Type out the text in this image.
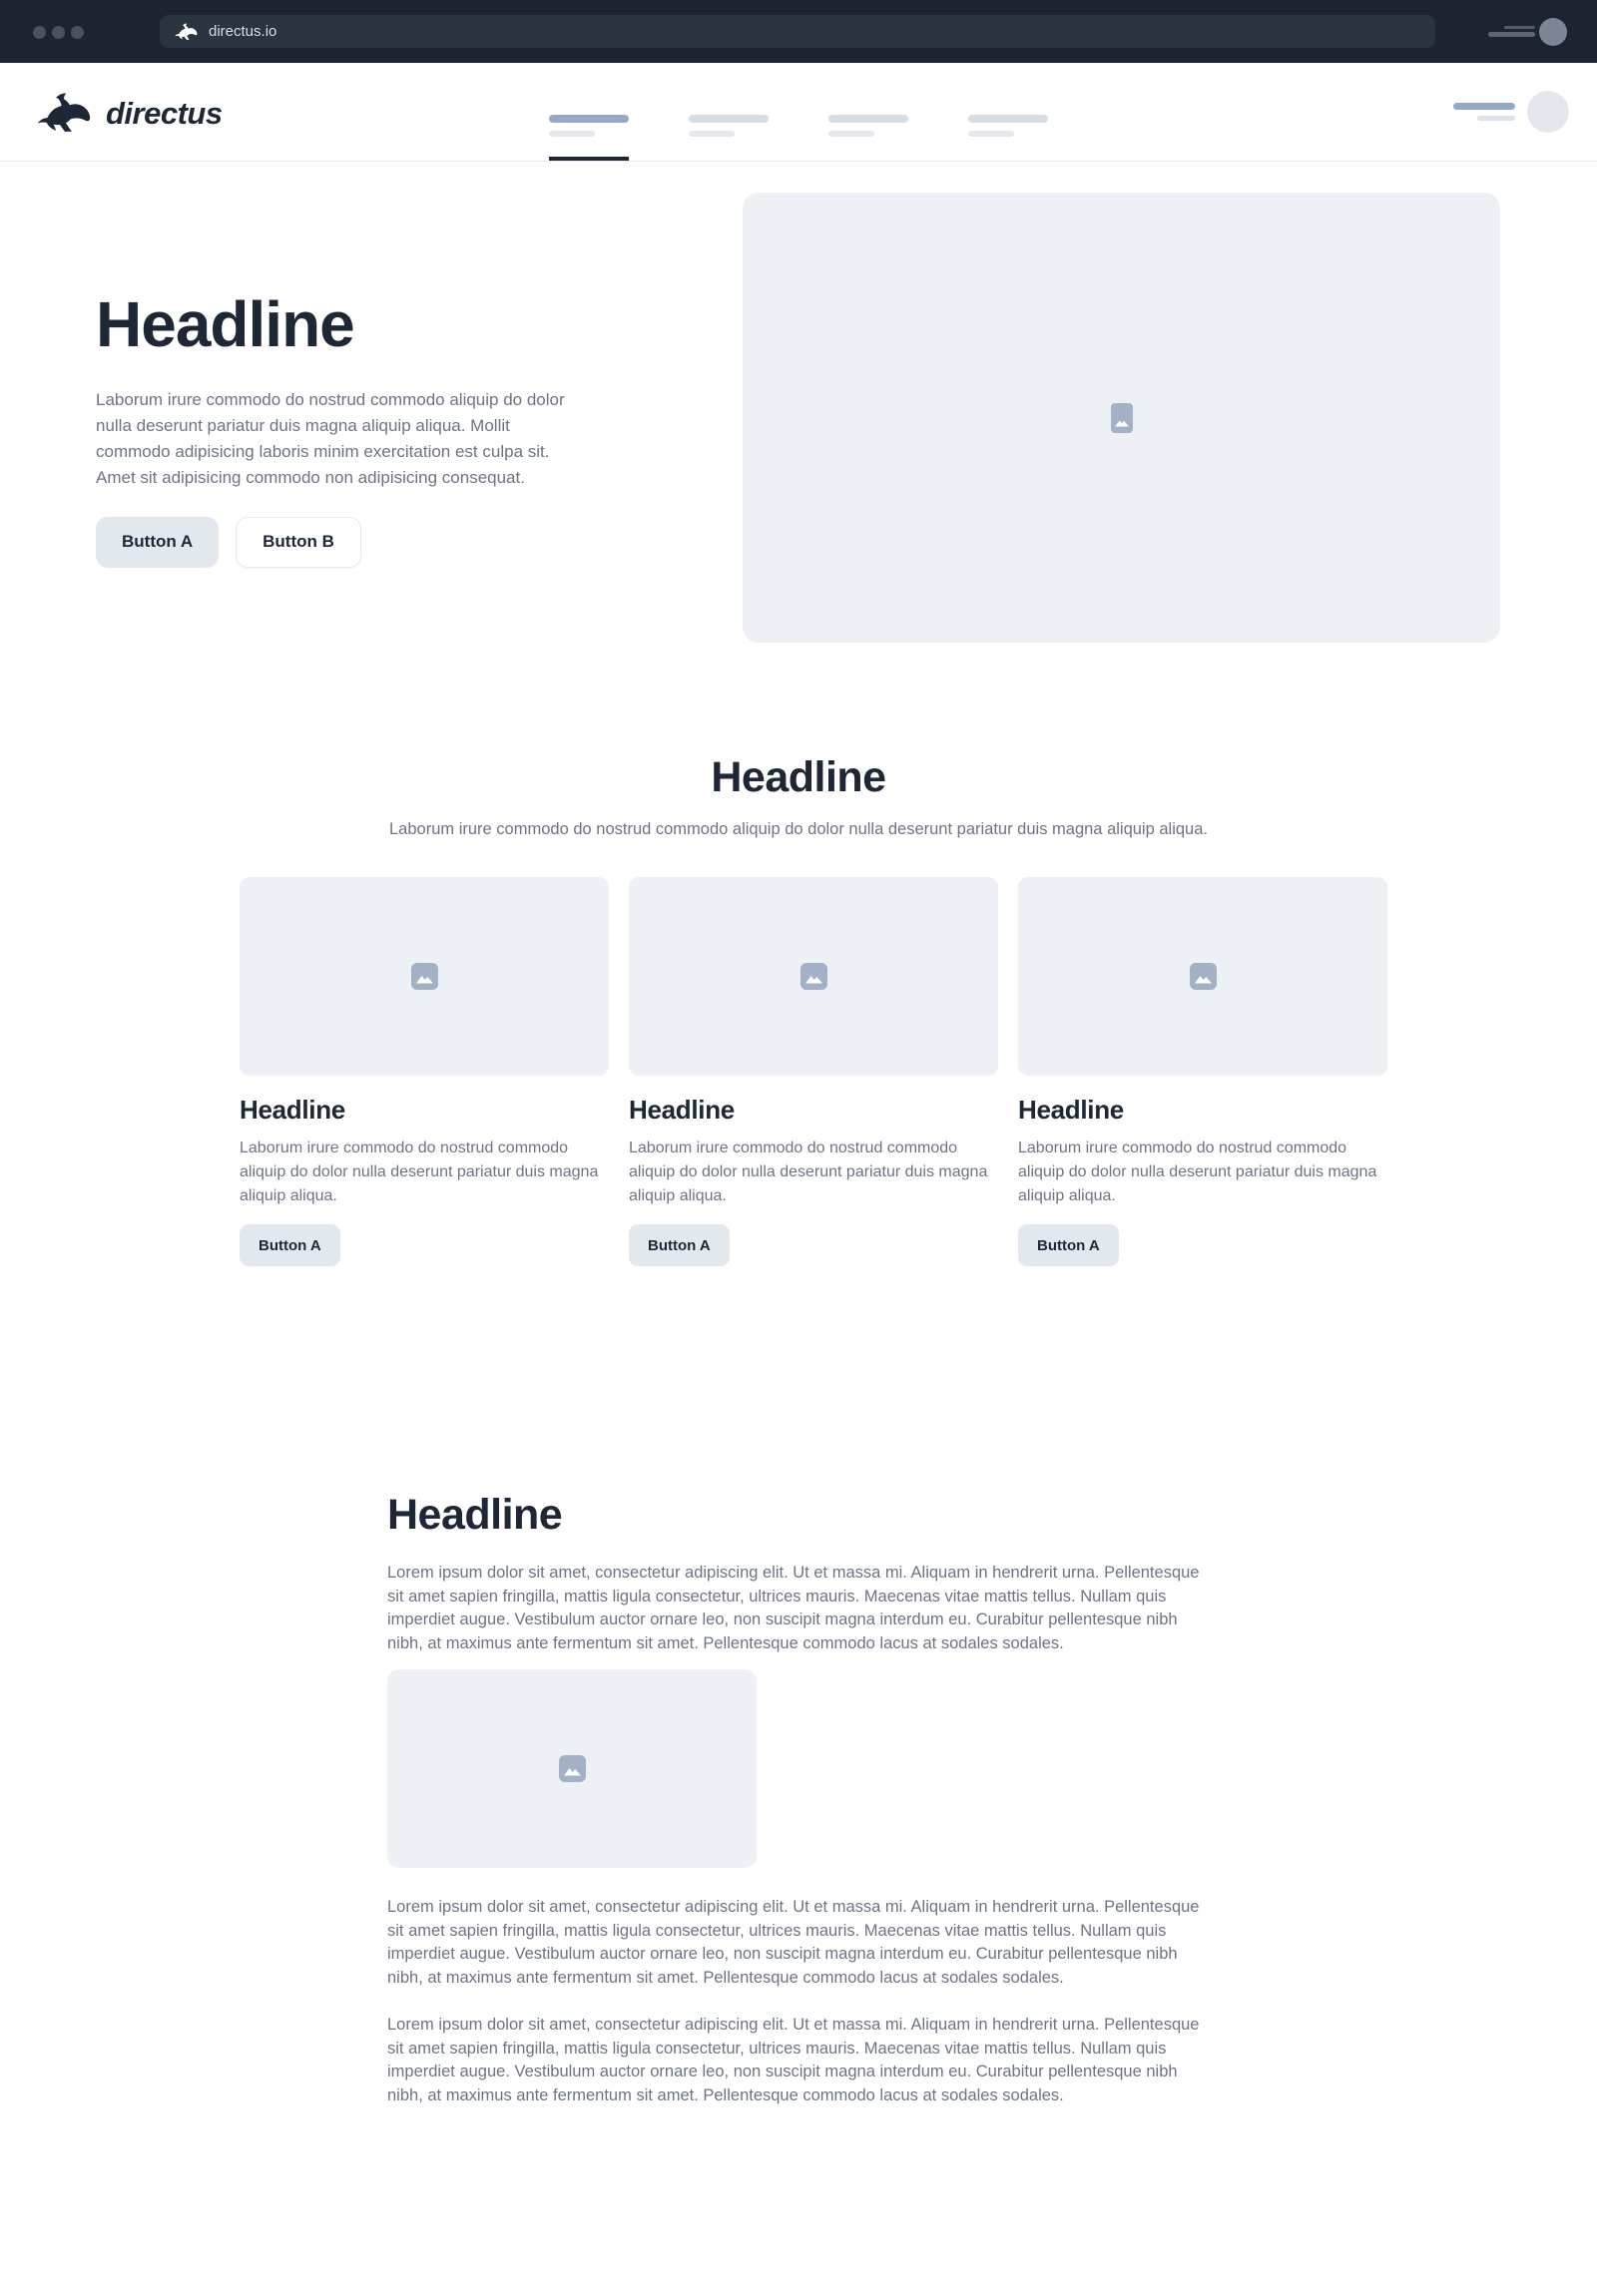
directus.io
directus
Headline

Laborum irure commodo do nostrud commodo aliquip do dolor nulla deserunt pariatur duis magna aliquip aliqua. Mollit commodo adipisicing laboris minim exercitation est culpa sit. Amet sit adipisicing commodo non adipisicing consequat.

Button A	Button B
Headline

Laborum irure commodo do nostrud commodo aliquip do dolor nulla deserunt pariatur duis magna aliquip aliqua.

Headline

Laborum irure commodo do nostrud commodo aliquip do dolor nulla deserunt pariatur duis magna aliquip aliqua.

Button A
Headline

Laborum irure commodo do nostrud commodo aliquip do dolor nulla deserunt pariatur duis magna aliquip aliqua.

Button A
Headline

Laborum irure commodo do nostrud commodo aliquip do dolor nulla deserunt pariatur duis magna aliquip aliqua.

Button A
Headline

Lorem ipsum dolor sit amet, consectetur adipiscing elit. Ut et massa mi. Aliquam in hendrerit urna. Pellentesque sit amet sapien fringilla, mattis ligula consectetur, ultrices mauris. Maecenas vitae mattis tellus. Nullam quis imperdiet augue. Vestibulum auctor ornare leo, non suscipit magna interdum eu. Curabitur pellentesque nibh nibh, at maximus ante fermentum sit amet. Pellentesque commodo lacus at sodales sodales.

Lorem ipsum dolor sit amet, consectetur adipiscing elit. Ut et massa mi. Aliquam in hendrerit urna. Pellentesque sit amet sapien fringilla, mattis ligula consectetur, ultrices mauris. Maecenas vitae mattis tellus. Nullam quis imperdiet augue. Vestibulum auctor ornare leo, non suscipit magna interdum eu. Curabitur pellentesque nibh nibh, at maximus ante fermentum sit amet. Pellentesque commodo lacus at sodales sodales.

Lorem ipsum dolor sit amet, consectetur adipiscing elit. Ut et massa mi. Aliquam in hendrerit urna. Pellentesque sit amet sapien fringilla, mattis ligula consectetur, ultrices mauris. Maecenas vitae mattis tellus. Nullam quis imperdiet augue. Vestibulum auctor ornare leo, non suscipit magna interdum eu. Curabitur pellentesque nibh nibh, at maximus ante fermentum sit amet. Pellentesque commodo lacus at sodales sodales.
